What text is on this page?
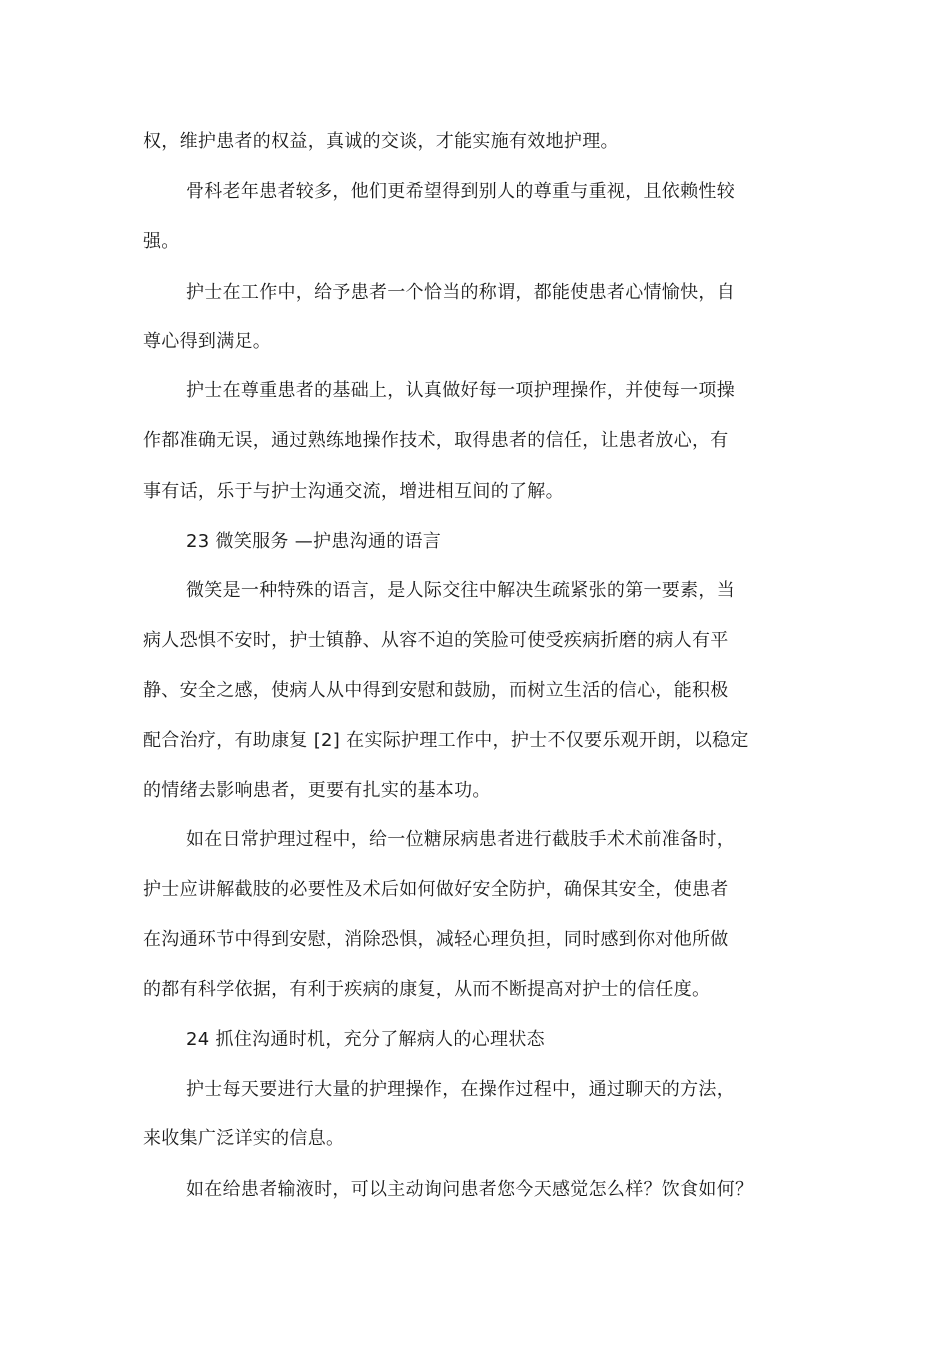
权，维护患者的权益，真诚的交谈，才能实施有效地护理。
骨科老年患者较多，他们更希望得到别人的尊重与重视，且依赖性较
强。
护士在工作中，给予患者一个恰当的称谓，都能使患者心情愉快，自
尊心得到满足。
护士在尊重患者的基础上，认真做好每一项护理操作，并使每一项操
作都准确无误，通过熟练地操作技术，取得患者的信任，让患者放心，有
事有话，乐于与护士沟通交流，增进相互间的了解。
23 微笑服务 —护患沟通的语言
微笑是一种特殊的语言，是人际交往中解决生疏紧张的第一要素，当
病人恐惧不安时，护士镇静、从容不迫的笑脸可使受疾病折磨的病人有平
静、安全之感，使病人从中得到安慰和鼓励，而树立生活的信心，能积极
配合治疗，有助康复 [2] 在实际护理工作中，护士不仅要乐观开朗，以稳定
的情绪去影响患者，更要有扎实的基本功。
如在日常护理过程中，给一位糖尿病患者进行截肢手术术前准备时，
护士应讲解截肢的必要性及术后如何做好安全防护，确保其安全，使患者
在沟通环节中得到安慰，消除恐惧，减轻心理负担，同时感到你对他所做
的都有科学依据，有利于疾病的康复，从而不断提高对护士的信任度。
24 抓住沟通时机，充分了解病人的心理状态
护士每天要进行大量的护理操作，在操作过程中，通过聊天的方法，
来收集广泛详实的信息。
如在给患者输液时，可以主动询问患者您今天感觉怎么样？饮食如何？
